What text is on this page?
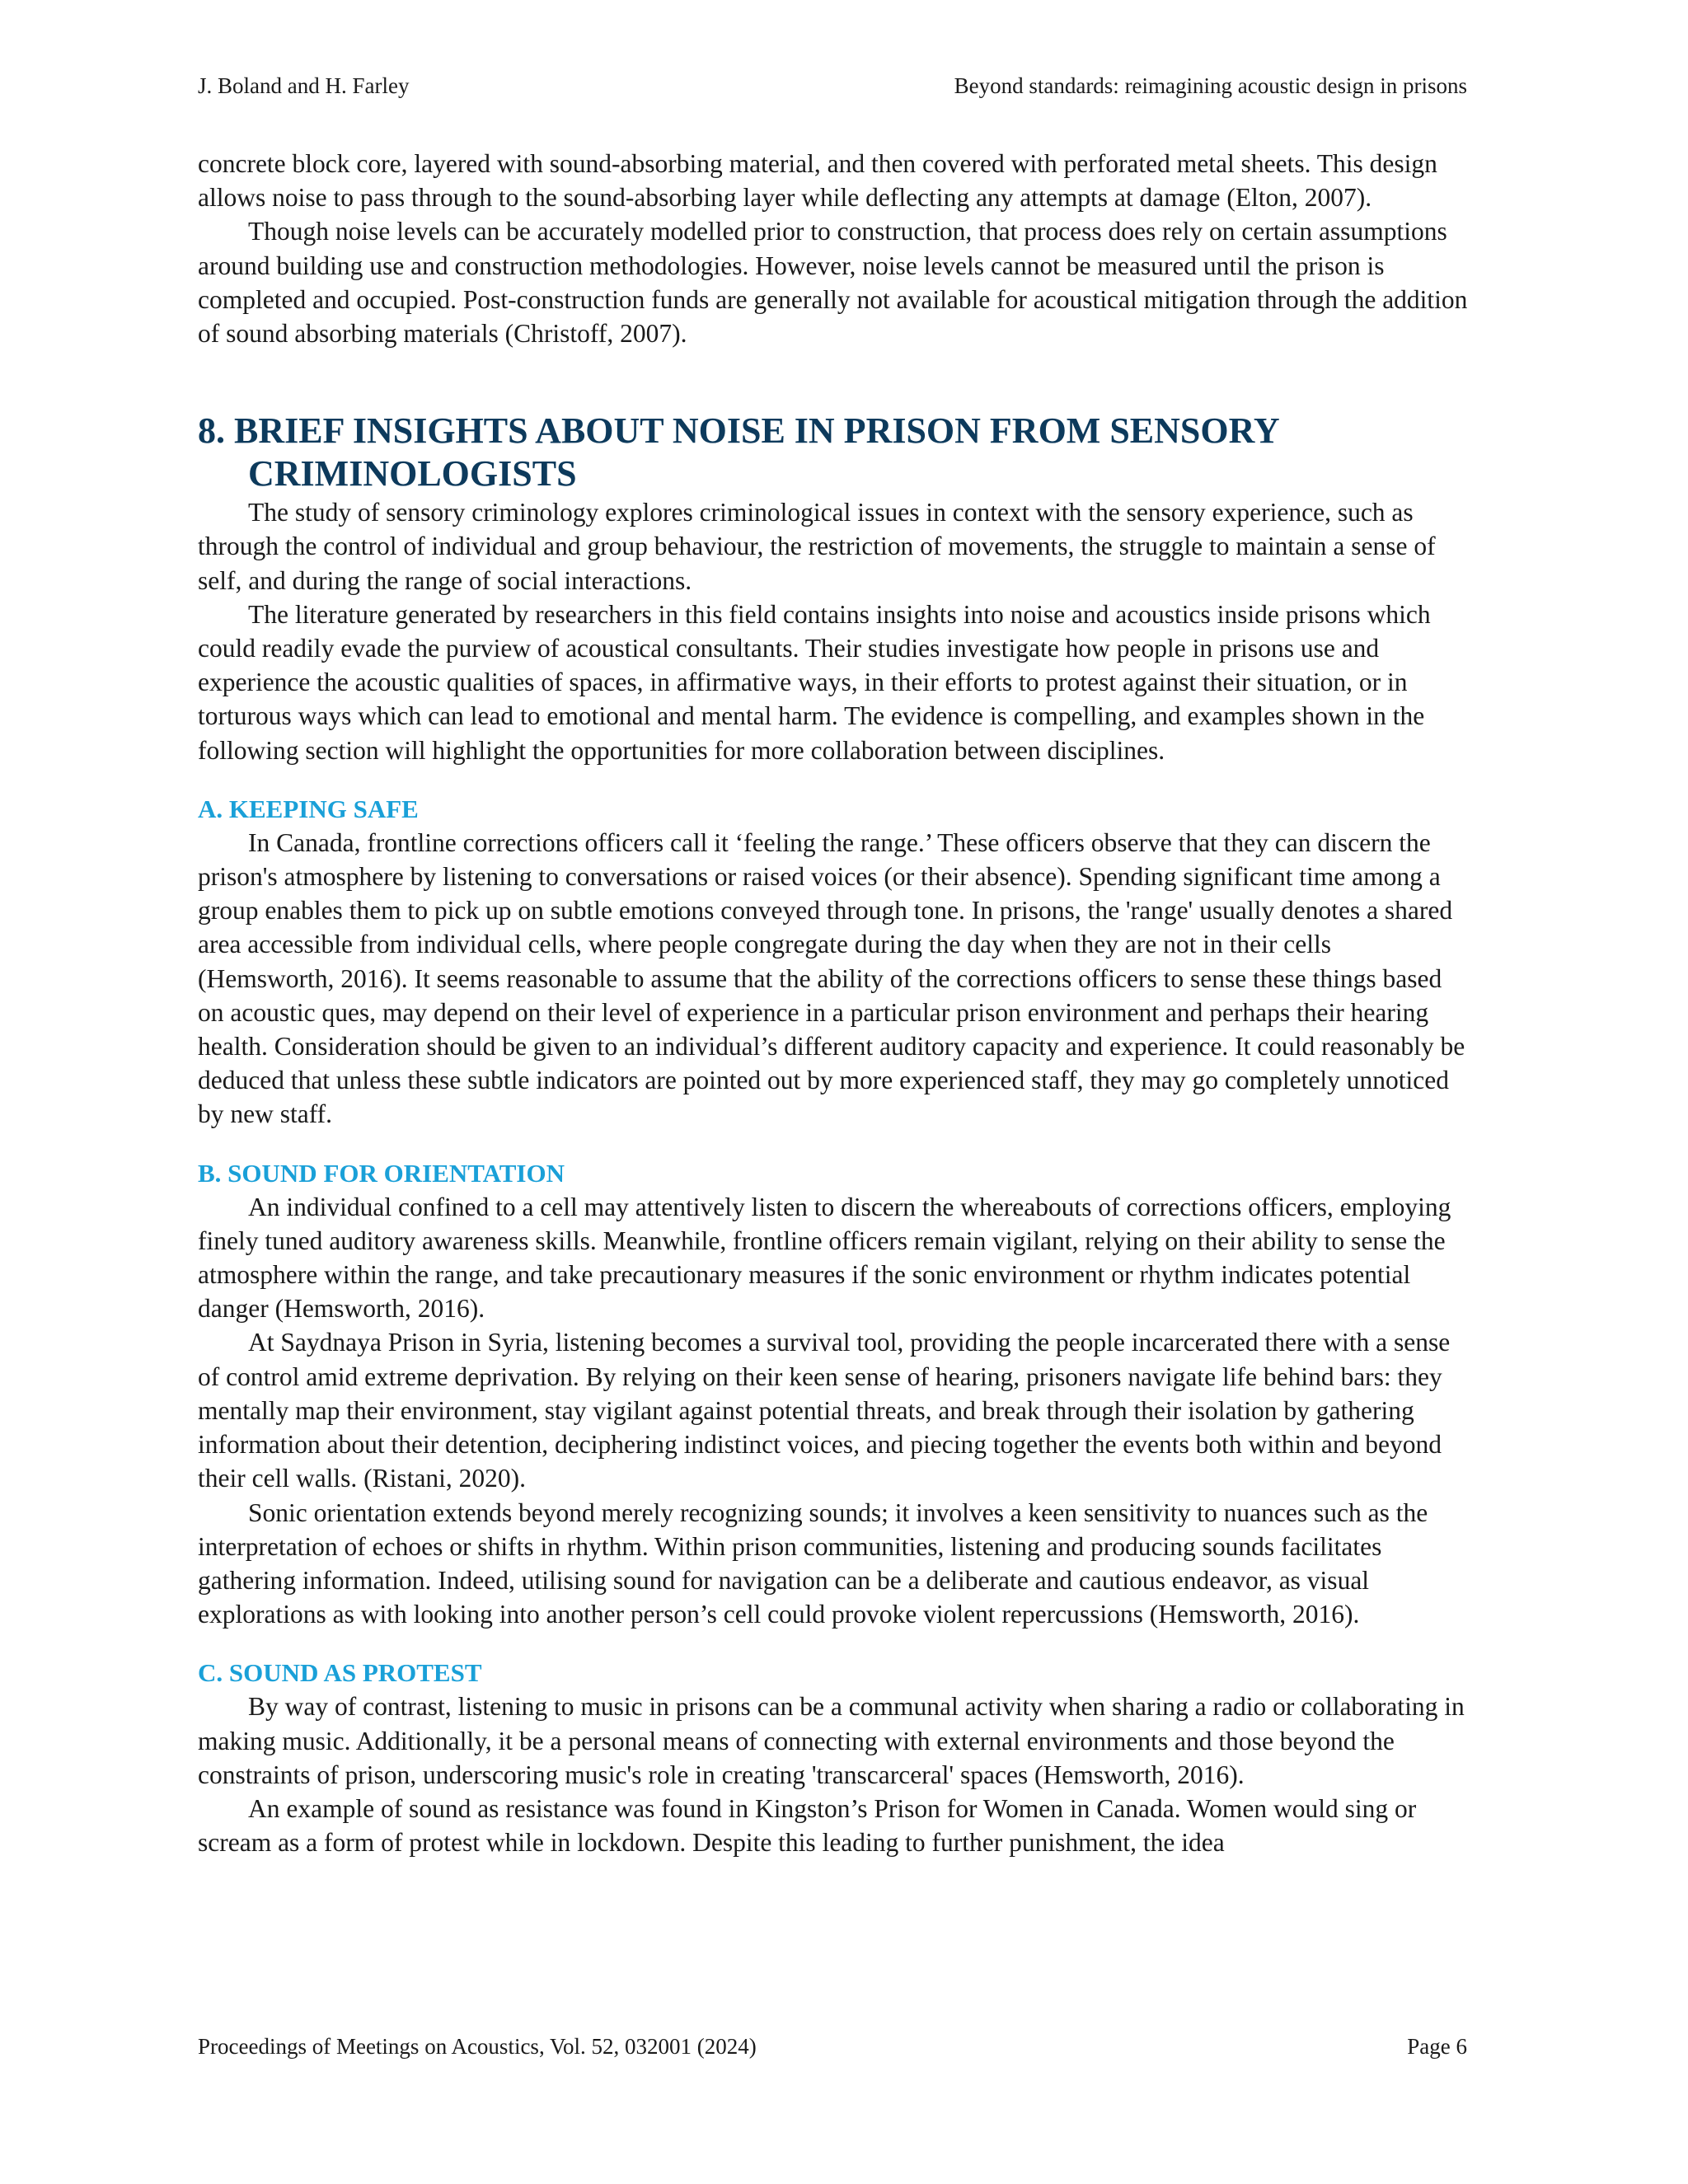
J. Boland and H. Farley	Beyond standards: reimagining acoustic design in prisons

concrete block core, layered with sound-absorbing material, and then covered with perforated metal sheets. This design allows noise to pass through to the sound-absorbing layer while deflecting any attempts at damage (Elton, 2007).

Though noise levels can be accurately modelled prior to construction, that process does rely on certain assumptions around building use and construction methodologies. However, noise levels cannot be measured until the prison is completed and occupied. Post-construction funds are generally not available for acoustical mitigation through the addition of sound absorbing materials (Christoff, 2007).

8. BRIEF INSIGHTS ABOUT NOISE IN PRISON FROM SENSORY CRIMINOLOGISTS

The study of sensory criminology explores criminological issues in context with the sensory experience, such as through the control of individual and group behaviour, the restriction of movements, the struggle to maintain a sense of self, and during the range of social interactions.

The literature generated by researchers in this field contains insights into noise and acoustics inside prisons which could readily evade the purview of acoustical consultants. Their studies investigate how people in prisons use and experience the acoustic qualities of spaces, in affirmative ways, in their efforts to protest against their situation, or in torturous ways which can lead to emotional and mental harm. The evidence is compelling, and examples shown in the following section will highlight the opportunities for more collaboration between disciplines.

A. KEEPING SAFE

In Canada, frontline corrections officers call it ‘feeling the range.’ These officers observe that they can discern the prison's atmosphere by listening to conversations or raised voices (or their absence). Spending significant time among a group enables them to pick up on subtle emotions conveyed through tone. In prisons, the 'range' usually denotes a shared area accessible from individual cells, where people congregate during the day when they are not in their cells (Hemsworth, 2016). It seems reasonable to assume that the ability of the corrections officers to sense these things based on acoustic ques, may depend on their level of experience in a particular prison environment and perhaps their hearing health. Consideration should be given to an individual’s different auditory capacity and experience. It could reasonably be deduced that unless these subtle indicators are pointed out by more experienced staff, they may go completely unnoticed by new staff.

B. SOUND FOR ORIENTATION

An individual confined to a cell may attentively listen to discern the whereabouts of corrections officers, employing finely tuned auditory awareness skills. Meanwhile, frontline officers remain vigilant, relying on their ability to sense the atmosphere within the range, and take precautionary measures if the sonic environment or rhythm indicates potential danger (Hemsworth, 2016).

At Saydnaya Prison in Syria, listening becomes a survival tool, providing the people incarcerated there with a sense of control amid extreme deprivation. By relying on their keen sense of hearing, prisoners navigate life behind bars: they mentally map their environment, stay vigilant against potential threats, and break through their isolation by gathering information about their detention, deciphering indistinct voices, and piecing together the events both within and beyond their cell walls. (Ristani, 2020).

Sonic orientation extends beyond merely recognizing sounds; it involves a keen sensitivity to nuances such as the interpretation of echoes or shifts in rhythm. Within prison communities, listening and producing sounds facilitates gathering information. Indeed, utilising sound for navigation can be a deliberate and cautious endeavor, as visual explorations as with looking into another person’s cell could provoke violent repercussions (Hemsworth, 2016).

C. SOUND AS PROTEST

By way of contrast, listening to music in prisons can be a communal activity when sharing a radio or collaborating in making music. Additionally, it be a personal means of connecting with external environments and those beyond the constraints of prison, underscoring music's role in creating 'transcarceral' spaces (Hemsworth, 2016).

An example of sound as resistance was found in Kingston’s Prison for Women in Canada. Women would sing or scream as a form of protest while in lockdown. Despite this leading to further punishment, the idea

Proceedings of Meetings on Acoustics, Vol. 52, 032001 (2024)	Page 6
